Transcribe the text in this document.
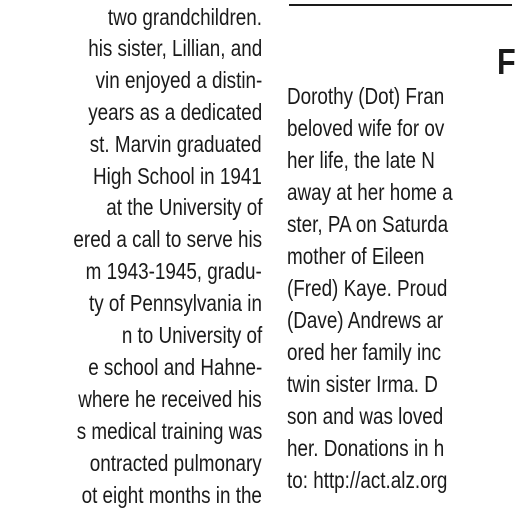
two grandchildren.
his sister, Lillian, and
vin enjoyed a distin-
years as a dedicated
st. Marvin graduated
High School in 1941
at the University of
ered a call to serve his
m 1943-1945, gradu-
ty of Pennsylvania in
n to University of
e school and Hahne-
where he received his
s medical training was
ontracted pulmonary
ot eight months in the
F
Dorothy (Dot) Fran
beloved wife for ov
her life, the late N
away at her home a
ster, PA on Saturda
mother of Eileen
(Fred) Kaye. Proud
(Dave) Andrews ar
ored her family inc
twin sister Irma. D
son and was loved
her. Donations in h
to: http://act.alz.org
